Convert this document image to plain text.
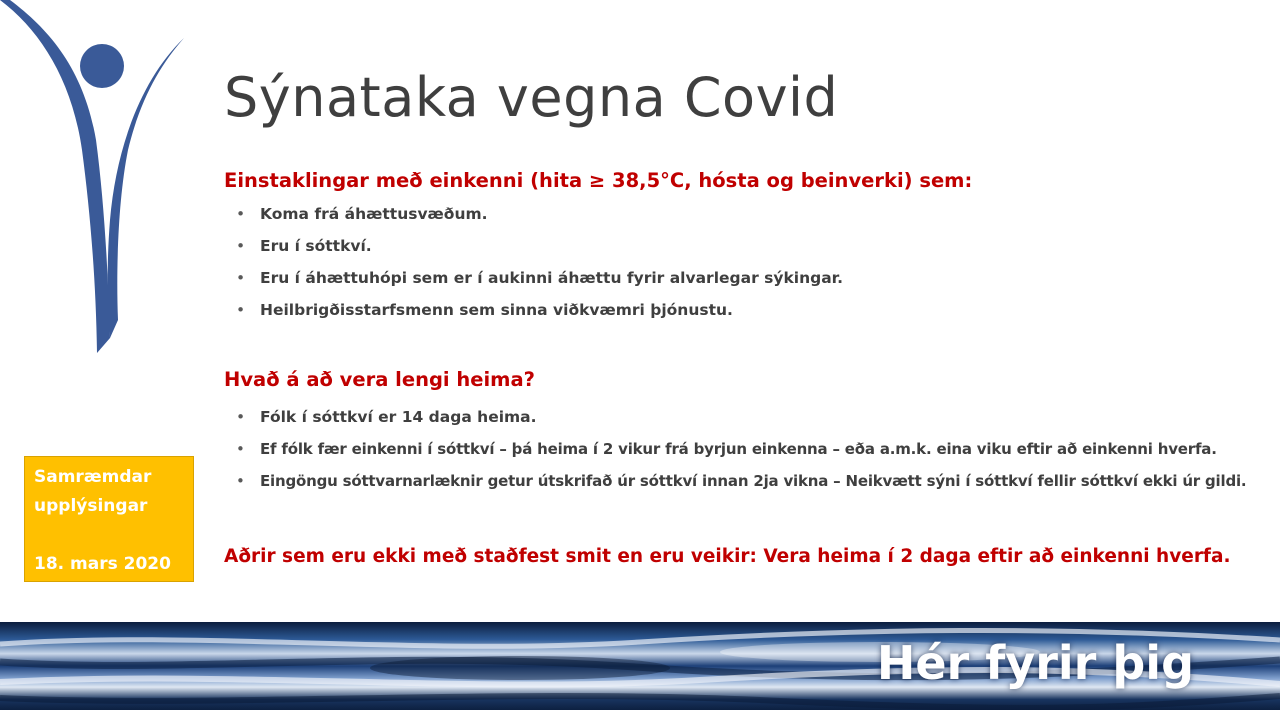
Sýnataka vegna Covid
Einstaklingar með einkenni (hita ≥ 38,5°C, hósta og beinverki) sem:
• Koma frá áhættusvæðum.
• Eru í sóttkví.
• Eru í áhættuhópi sem er í aukinni áhættu fyrir alvarlegar sýkingar.
• Heilbrigðisstarfsmenn sem sinna viðkvæmri þjónustu.
Hvað á að vera lengi heima?
• Fólk í sóttkví er 14 daga heima.
• Ef fólk fær einkenni í sóttkví – þá heima í 2 vikur frá byrjun einkenna – eða a.m.k. eina viku eftir að einkenni hverfa.
• Eingöngu sóttvarnarlæknir getur útskrifað úr sóttkví innan 2ja vikna – Neikvætt sýni í sóttkví fellir sóttkví ekki úr gildi.

Aðrir sem eru ekki með staðfest smit en eru veikir: Vera heima í 2 daga eftir að einkenni hverfa.

Samræmdar
upplýsingar
18. mars 2020

Hér fyrir þig
